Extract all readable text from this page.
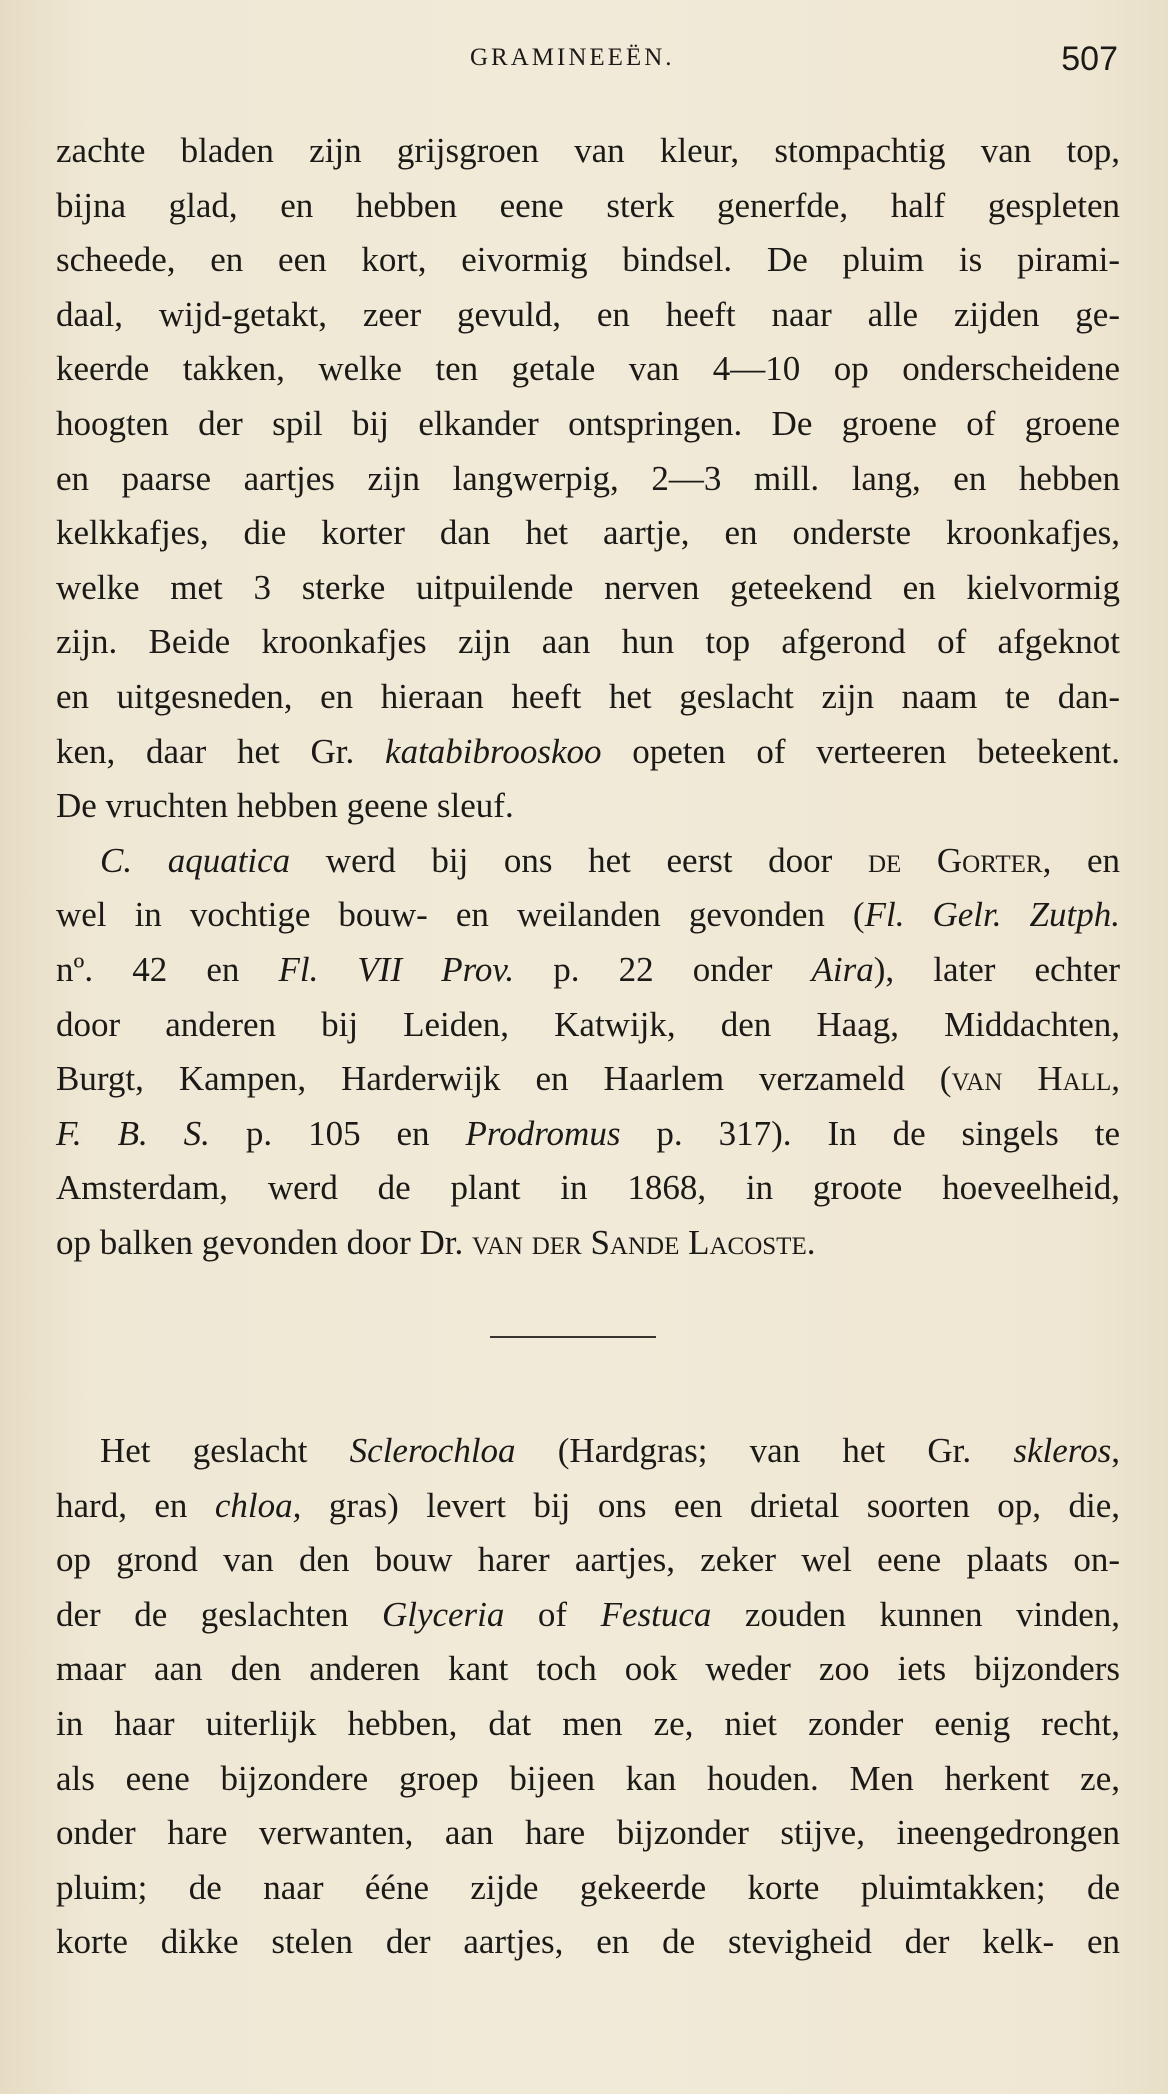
GRAMINEEËN.	507

zachte bladen zijn grijsgroen van kleur, stompachtig van top,

bijna glad, en hebben eene sterk generfde, half gespleten

scheede, en een kort, eivormig bindsel. De pluim is pirami-

daal, wijd-getakt, zeer gevuld, en heeft naar alle zijden ge-

keerde takken, welke ten getale van 4—10 op onderscheidene

hoogten der spil bij elkander ontspringen. De groene of groene

en paarse aartjes zijn langwerpig, 2—3 mill. lang, en hebben

kelkkafjes, die korter dan het aartje, en onderste kroonkafjes,

welke met 3 sterke uitpuilende nerven geteekend en kielvormig

zijn. Beide kroonkafjes zijn aan hun top afgerond of afgeknot

en uitgesneden, en hieraan heeft het geslacht zijn naam te dan-

ken, daar het Gr. katabibrooskoo opeten of verteeren beteekent.

De vruchten hebben geene sleuf.

C. aquatica werd bij ons het eerst door de Gorter, en

wel in vochtige bouw- en weilanden gevonden (Fl. Gelr. Zutph.

nº. 42 en Fl. VII Prov. p. 22 onder Aira), later echter

door anderen bij Leiden, Katwijk, den Haag, Middachten,

Burgt, Kampen, Harderwijk en Haarlem verzameld (van Hall,

F. B. S. p. 105 en Prodromus p. 317). In de singels te

Amsterdam, werd de plant in 1868, in groote hoeveelheid,

op balken gevonden door Dr. van der Sande Lacoste.

Het geslacht Sclerochloa (Hardgras; van het Gr. skleros,

hard, en chloa, gras) levert bij ons een drietal soorten op, die,

op grond van den bouw harer aartjes, zeker wel eene plaats on-

der de geslachten Glyceria of Festuca zouden kunnen vinden,

maar aan den anderen kant toch ook weder zoo iets bijzonders

in haar uiterlijk hebben, dat men ze, niet zonder eenig recht,

als eene bijzondere groep bijeen kan houden. Men herkent ze,

onder hare verwanten, aan hare bijzonder stijve, ineengedrongen

pluim; de naar ééne zijde gekeerde korte pluimtakken; de

korte dikke stelen der aartjes, en de stevigheid der kelk- en
